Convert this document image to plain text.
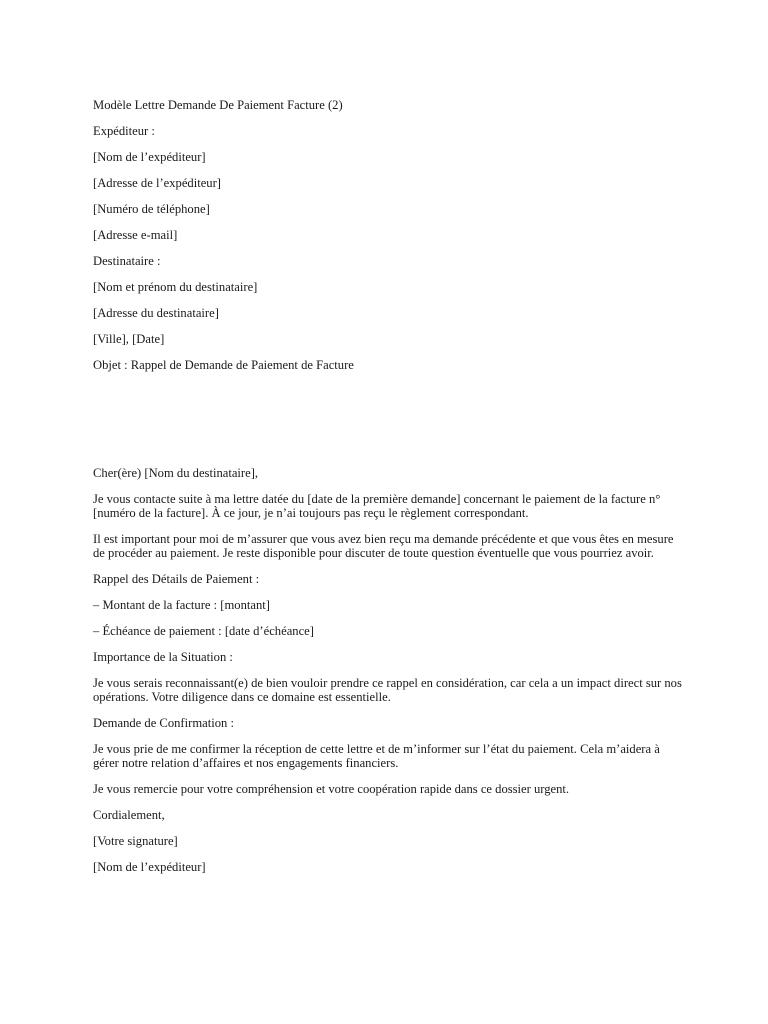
Modèle Lettre Demande De Paiement Facture (2)

Expéditeur :

[Nom de l’expéditeur]

[Adresse de l’expéditeur]

[Numéro de téléphone]

[Adresse e-mail]

Destinataire :

[Nom et prénom du destinataire]

[Adresse du destinataire]

[Ville], [Date]

Objet : Rappel de Demande de Paiement de Facture

Cher(ère) [Nom du destinataire],

Je vous contacte suite à ma lettre datée du [date de la première demande] concernant le paiement de la facture n°[numéro de la facture]. À ce jour, je n’ai toujours pas reçu le règlement correspondant.

Il est important pour moi de m’assurer que vous avez bien reçu ma demande précédente et que vous êtes en mesure de procéder au paiement. Je reste disponible pour discuter de toute question éventuelle que vous pourriez avoir.

Rappel des Détails de Paiement :

– Montant de la facture : [montant]

– Échéance de paiement : [date d’échéance]

Importance de la Situation :

Je vous serais reconnaissant(e) de bien vouloir prendre ce rappel en considération, car cela a un impact direct sur nos opérations. Votre diligence dans ce domaine est essentielle.

Demande de Confirmation :

Je vous prie de me confirmer la réception de cette lettre et de m’informer sur l’état du paiement. Cela m’aidera à gérer notre relation d’affaires et nos engagements financiers.

Je vous remercie pour votre compréhension et votre coopération rapide dans ce dossier urgent.

Cordialement,

[Votre signature]

[Nom de l’expéditeur]
